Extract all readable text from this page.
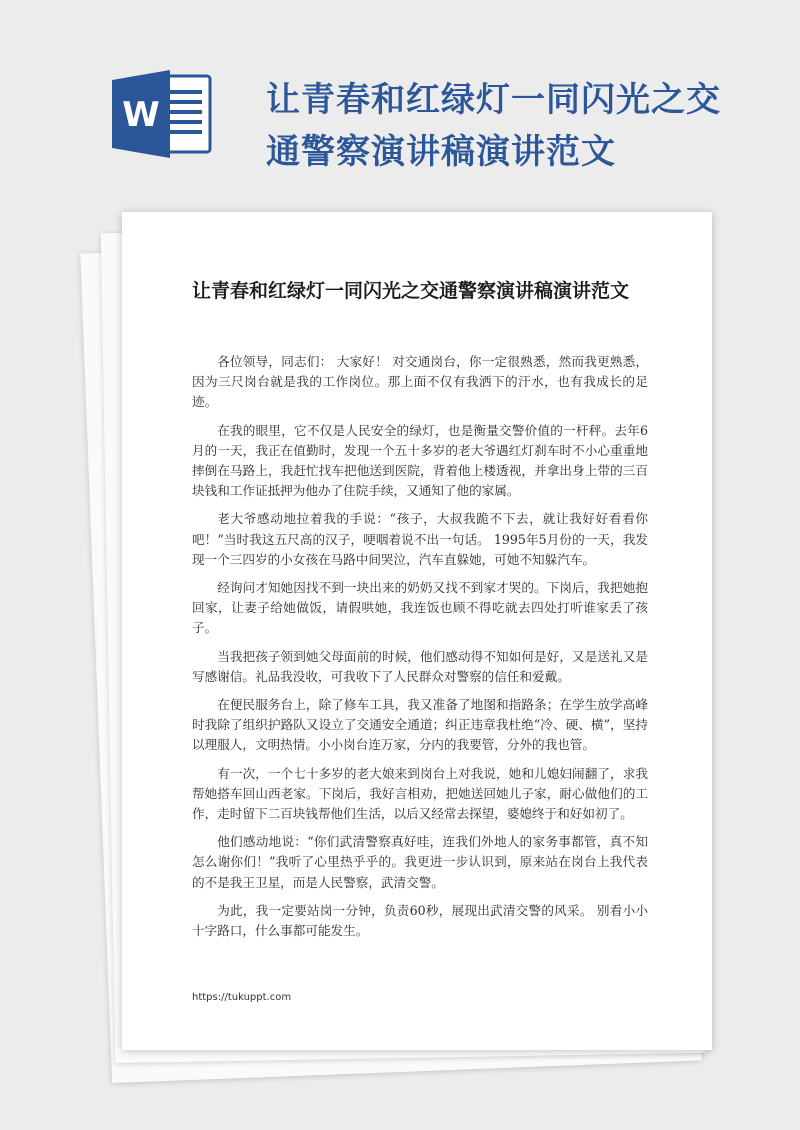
W	让青春和红绿灯一同闪光之交通警察演讲稿演讲范文
让青春和红绿灯一同闪光之交通警察演讲稿演讲范文

各位领导，同志们： 大家好！ 对交通岗台，你一定很熟悉，然而我更熟悉，因为三尺岗台就是我的工作岗位。那上面不仅有我洒下的汗水，也有我成长的足迹。

在我的眼里，它不仅是人民安全的绿灯，也是衡量交警价值的一杆秤。去年6月的一天，我正在值勤时，发现一个五十多岁的老大爷遇红灯刹车时不小心重重地摔倒在马路上，我赶忙找车把他送到医院，背着他上楼透视，并拿出身上带的三百块钱和工作证抵押为他办了住院手续，又通知了他的家属。

老大爷感动地拉着我的手说：“孩子，大叔我跪不下去，就让我好好看看你吧！”当时我这五尺高的汉子，哽咽着说不出一句话。 1995年5月份的一天，我发现一个三四岁的小女孩在马路中间哭泣，汽车直躲她，可她不知躲汽车。

经询问才知她因找不到一块出来的奶奶又找不到家才哭的。下岗后，我把她抱回家，让妻子给她做饭，请假哄她，我连饭也顾不得吃就去四处打听谁家丢了孩子。

当我把孩子领到她父母面前的时候，他们感动得不知如何是好，又是送礼又是写感谢信。礼品我没收，可我收下了人民群众对警察的信任和爱戴。

在便民服务台上，除了修车工具，我又准备了地图和指路条；在学生放学高峰时我除了组织护路队又设立了交通安全通道；纠正违章我杜绝“冷、硬、横”，坚持以理服人，文明热情。小小岗台连万家，分内的我要管，分外的我也管。

有一次，一个七十多岁的老大娘来到岗台上对我说，她和儿媳妇闹翻了，求我帮她搭车回山西老家。下岗后，我好言相劝，把她送回她儿子家，耐心做他们的工作，走时留下二百块钱帮他们生活，以后又经常去探望，婆媳终于和好如初了。

他们感动地说：“你们武清警察真好哇，连我们外地人的家务事都管，真不知怎么谢你们！”我听了心里热乎乎的。我更进一步认识到，原来站在岗台上我代表的不是我王卫星，而是人民警察，武清交警。

为此，我一定要站岗一分钟，负责60秒，展现出武清交警的风采。 别看小小十字路口，什么事都可能发生。

https://tukuppt.com
